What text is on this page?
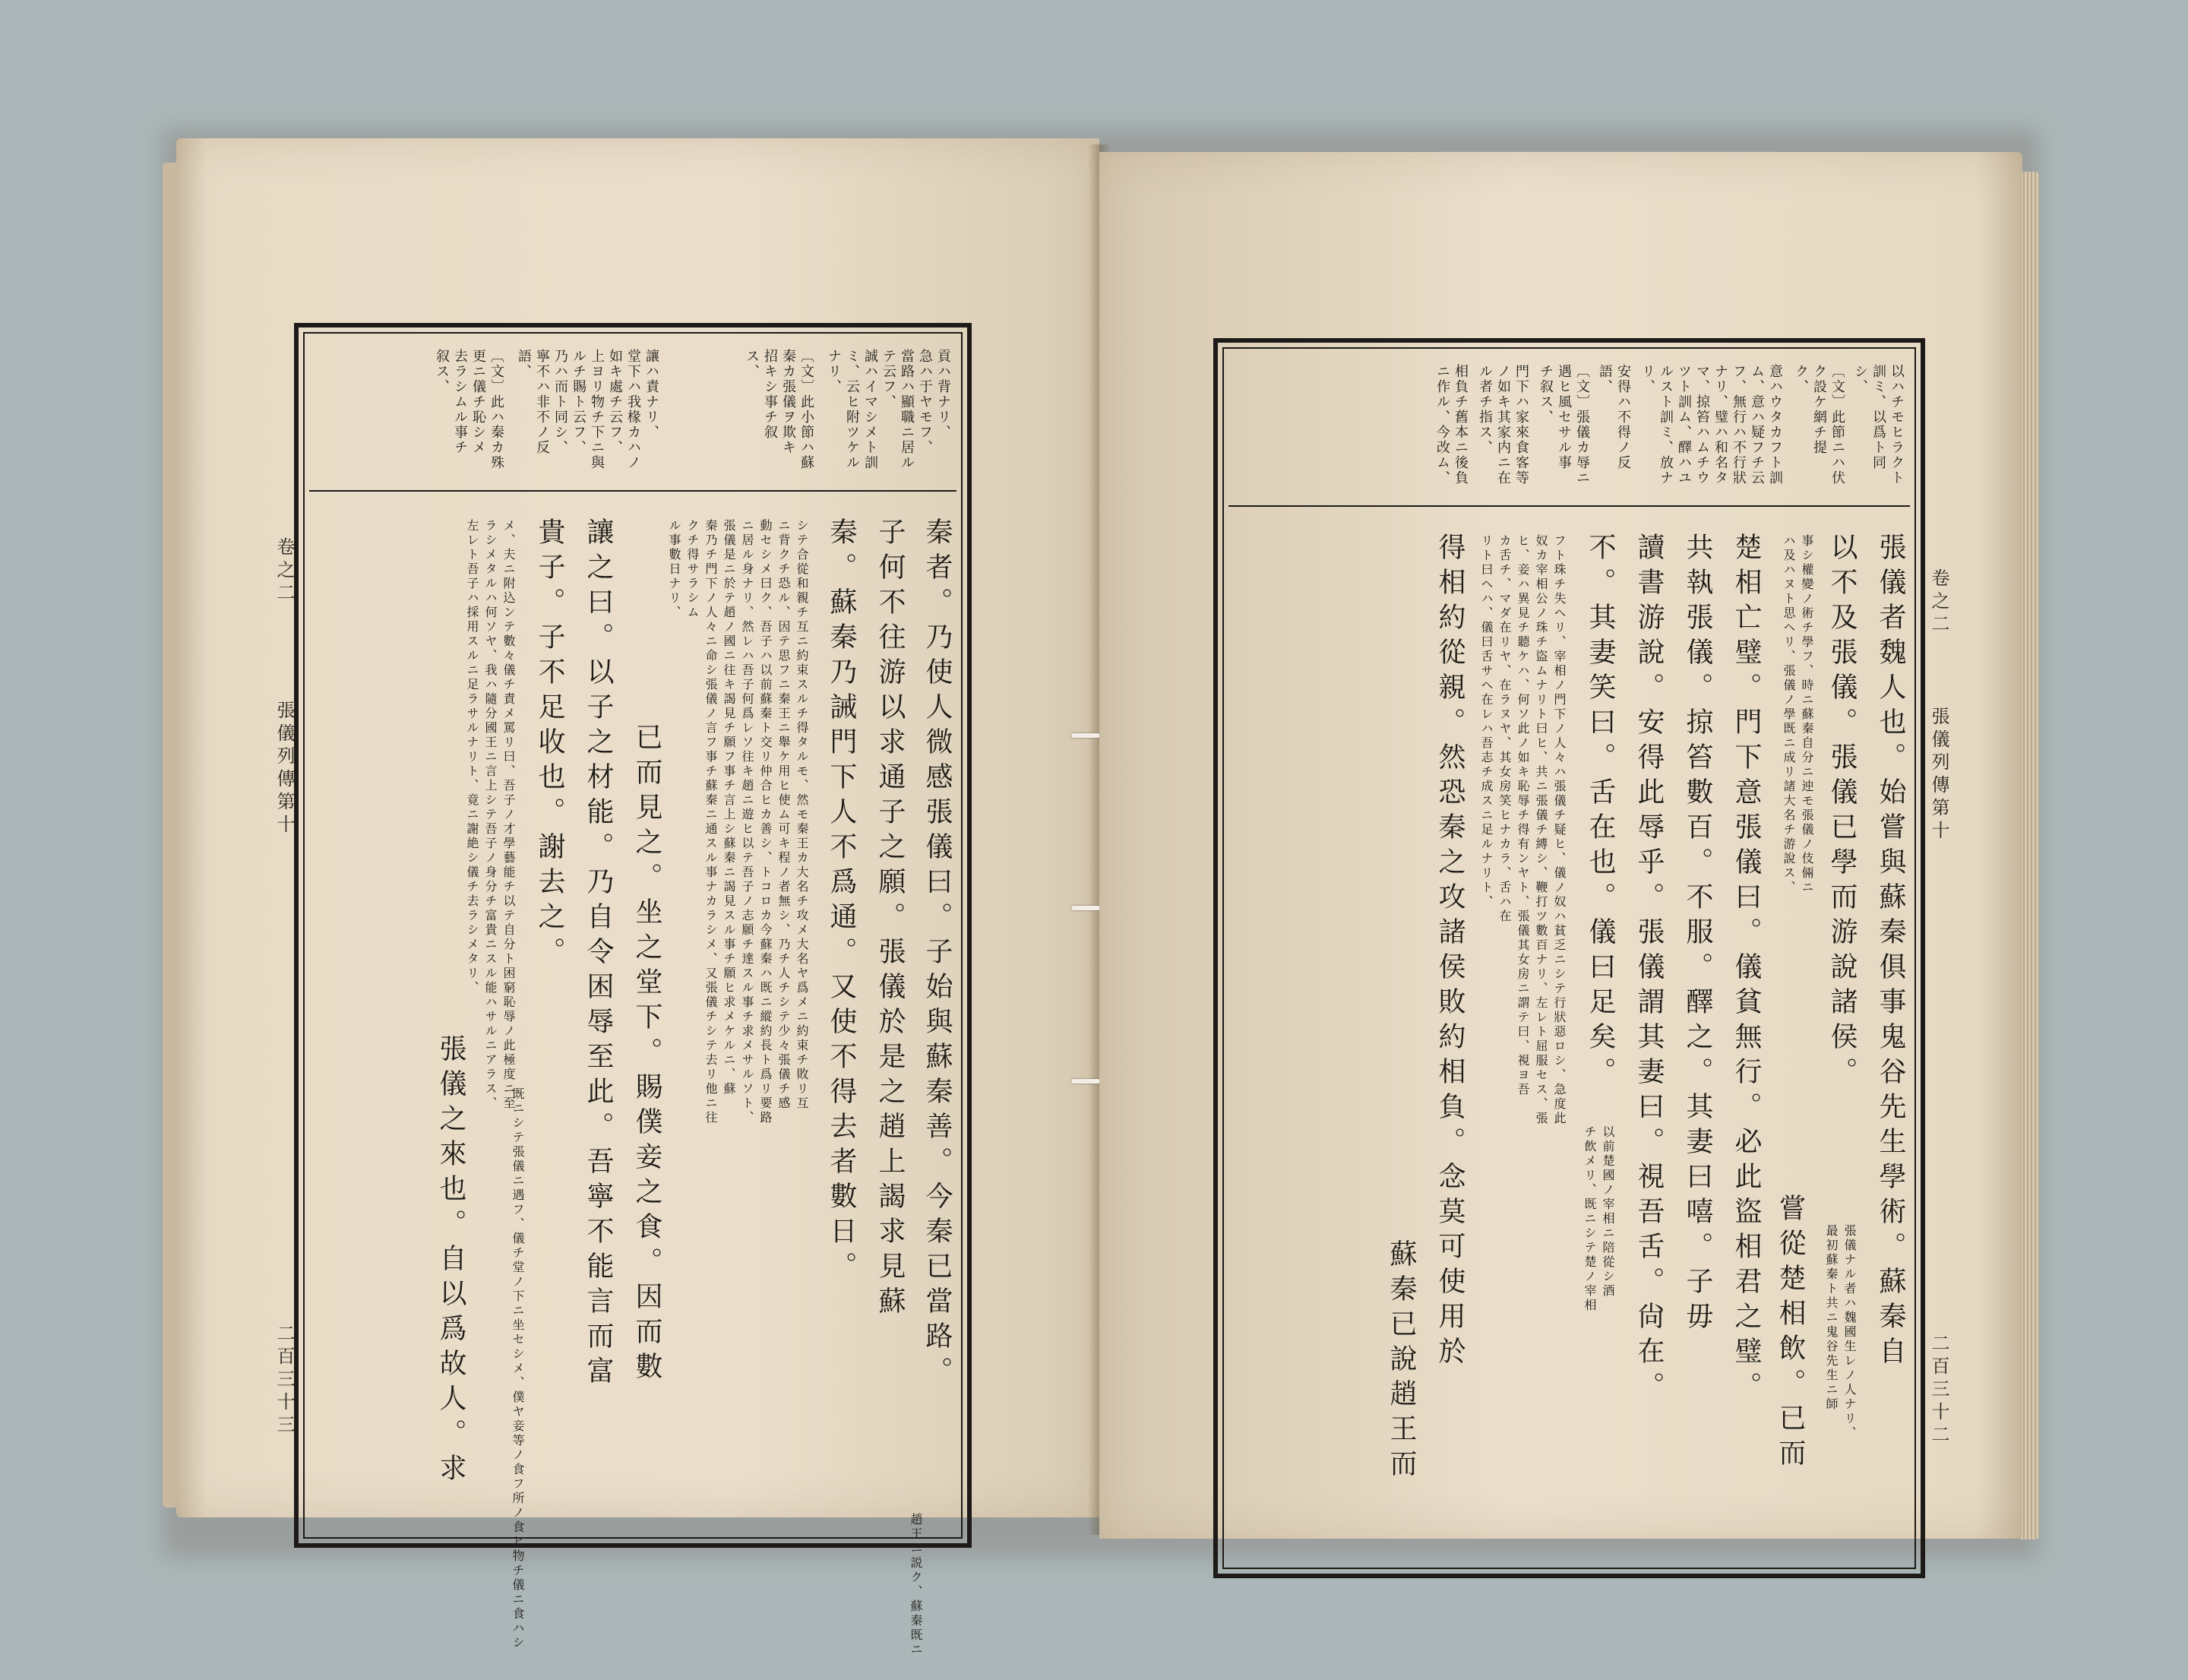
卷之二
張儀列傳第十
二百三十三
貢ハ背ナリ、
急ハ于ヤモフ、
當路ハ顯職ニ居ル
テ云フ、
誠ハイマシメト訓
ミ、云ヒ附ツケル
ナリ、
〔文〕此小節ハ蘇
秦カ張儀ヲ欺キ
招キシ事チ叙
ス、
讓ハ責ナリ、
堂下ハ我椽カハノ
如キ處チ云フ、
上ヨリ物チ下ニ與
ルチ賜ト云フ、
乃ハ而ト同シ、
寧不ハ非不ノ反
語、
〔文〕此ハ秦カ殊
更ニ儀チ恥シメ
去ラシムル事チ
叙ス、
秦者。乃使人微感張儀曰。子始與蘇秦善。今秦已當路。
趙王ニ説ク、蘇秦既ニ
子何不往游以求通子之願。張儀於是之趙上謁求見蘇
秦。蘇秦乃誡門下人不爲通。又使不得去者數日。
シテ合從和親チ互ニ約束スルチ得タルモ、然モ秦王カ大名チ攻メ大名ヤ爲メニ約束チ敗リ互
ニ背クチ恐ル、因テ思フニ秦王ニ舉ケ用ヒ使ム可キ程ノ者無シ、乃チ人チシテ少々張儀チ感
動セシメ曰ク、吾子ハ以前蘇秦ト交リ仲合ヒカ善シ、トコロカ今蘇秦ハ既ニ縱約長ト爲リ要路
ニ居ル身ナリ、然レハ吾子何爲レソ往キ趙ニ遊ヒ以テ吾子ノ志願チ達スル事チ求メサルソト、
張儀是ニ於テ趙ノ國ニ往キ謁見チ願フ事チ言上シ蘇秦ニ謁見スル事チ願ヒ求メケルニ、蘇
秦乃チ門下ノ人々ニ命シ張儀ノ言フ事チ蘇秦ニ通スル事ナカラシメ、又張儀チシテ去リ他ニ往
クチ得サラシム
ル事數日ナリ、
已而見之。坐之堂下。賜僕妾之食。因而數
讓之曰。以子之材能。乃自令困辱至此。吾寧不能言而富
貴子。子不足收也。謝去之。
メ、夫ニ附込ンテ數々儀チ責メ罵リ曰、吾子ノ才學藝能チ以テ自分ト困窮恥辱ノ此極度ニ至
ラシメタルハ何ソヤ、我ハ隨分國王ニ言上シテ吾子ノ身分チ富貴ニスル能ハサルニアラス、
既ニシテ張儀ニ遇フ、儀チ堂ノ下ニ坐セシメ、僕ヤ妾等ノ食フ所ノ食ヒ物チ儀ニ食ハシ
張儀之來也。自以爲故人。求
左レト吾子ハ採用スルニ足ラサルナリト、竟ニ謝絶シ儀チ去ラシメタリ、
以ハチモヒラクト
訓ミ、以爲ト同
シ、
〔文〕此節ニハ伏
ク設ケ網チ提
ク、
意ハウタカフト訓
ム、意ハ疑フチ云
フ、無行ハ不行狀
ナリ、璧ハ和名タ
マ、掠笞ハムチウ
ツト訓ム、醳ハユ
ルスト訓ミ、放ナ
リ、
安得ハ不得ノ反
語、
〔文〕張儀カ辱ニ
遇ヒ風セサル事
チ叙ス、
門下ハ家來食客等
ノ如キ其家内ニ在
ル者チ指ス、
相負チ舊本ニ後負
ニ作ル、今改ム、
張儀者魏人也。始嘗與蘇秦俱事鬼谷先生學術。蘇秦自
以不及張儀。張儀已學而游說諸侯。
張儀ナル者ハ魏國生レノ人ナリ、
最初蘇秦ト共ニ鬼谷先生ニ師
事シ權變ノ術チ學フ、時ニ蘇秦自分ニ迚モ張儀ノ伎倆ニ
ハ及ハヌト思ヘリ、張儀ノ學既ニ成リ諸大名チ游說ス、
嘗從楚相飲。已而
楚相亡璧。門下意張儀曰。儀貧無行。必此盜相君之璧。
共執張儀。掠笞數百。不服。醳之。其妻曰嘻。子毋
讀書游說。安得此辱乎。張儀謂其妻曰。視吾舌。尙在。
不。其妻笑曰。舌在也。儀曰足矣。
以前楚國ノ宰相ニ陪從シ酒
チ飲メリ、既ニシテ楚ノ宰相
フト珠チ失ヘリ、宰相ノ門下ノ人々ハ張儀チ疑ヒ、儀ノ奴ハ貧乏ニシテ行狀惡ロシ、急度此
奴カ宰相公ノ珠チ盜ムナリト曰ヒ、共ニ張儀チ縛シ、鞭打ツ數百ナリ、左レト屈服セス、張
ヒ、妾ハ異見チ聽ケハ、何ソ此ノ如キ恥辱チ得有ンヤト、張儀其女房ニ謂テ曰、視ヨ吾
カ舌チ、マダ在リヤ、在ラヌヤ、其女房笑ヒナカラ、舌ハ在
リト曰ヘハ、儀曰舌サヘ在レハ吾志チ成スニ足ルナリト、
得相約從親。然恐秦之攻諸侯敗約相負。念莫可使用於
蘇秦已說趙王而
卷之二
張儀列傳第十
二百三十二
